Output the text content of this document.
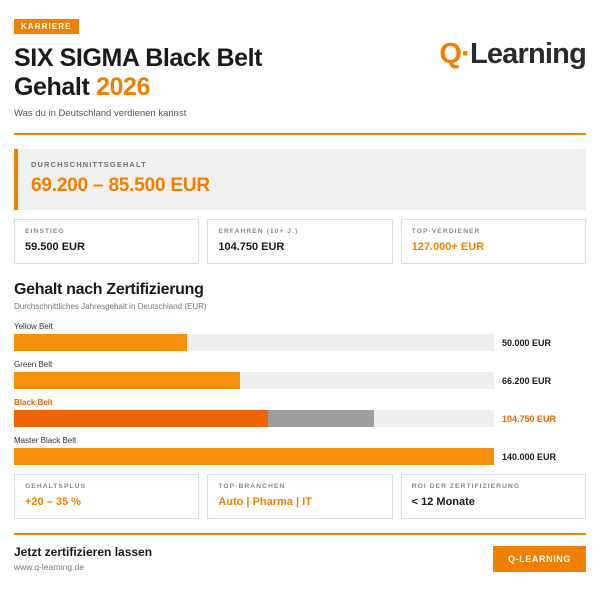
KARRIERE
SIX SIGMA Black Belt
Gehalt 2026
Was du in Deutschland verdienen kannst
Q·Learning
DURCHSCHNITTSGEHALT
69.200 – 85.500 EUR
EINSTIEG
59.500 EUR
ERFAHREN (10+ J.)
104.750 EUR
TOP-VERDIENER
127.000+ EUR
Gehalt nach Zertifizierung
Durchschnittliches Jahresgehalt in Deutschland (EUR)
Yellow Belt
50.000 EUR
Green Belt
66.200 EUR
Black Belt
104.750 EUR
Master Black Belt
140.000 EUR
GEHALTSPLUS
+20 – 35 %
TOP-BRANCHEN
Auto | Pharma | IT
ROI DER ZERTIFIZIERUNG
< 12 Monate
Jetzt zertifizieren lassen
www.q-learning.de
Q-LEARNING
